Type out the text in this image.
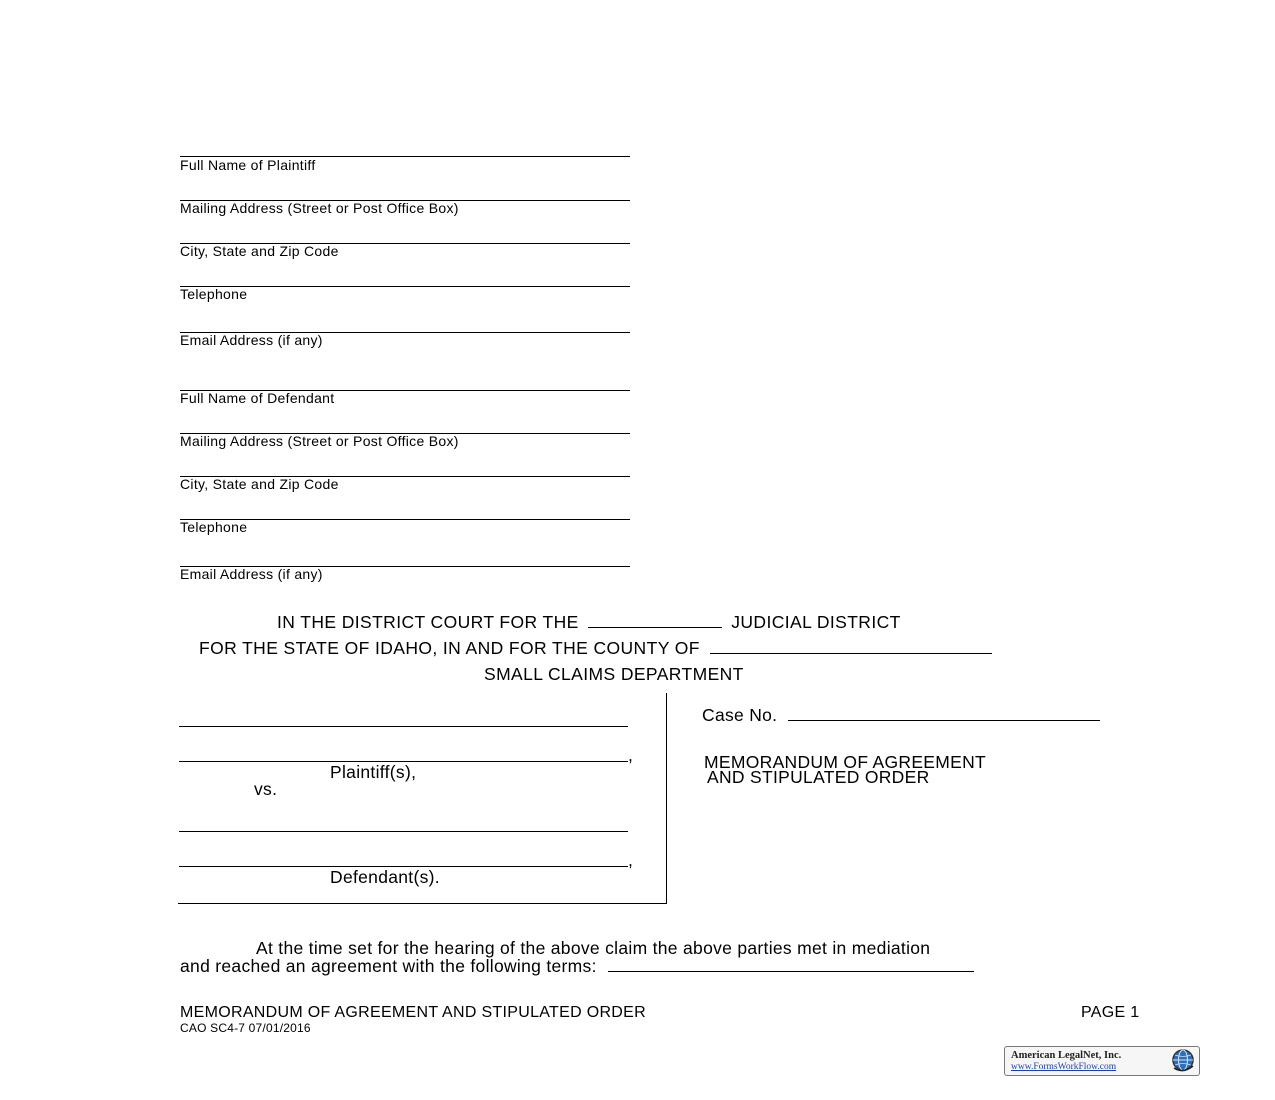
Full Name of Plaintiff
Mailing Address (Street or Post Office Box)
City, State and Zip Code
Telephone
Email Address (if any)
Full Name of Defendant
Mailing Address (Street or Post Office Box)
City, State and Zip Code
Telephone
Email Address (if any)
IN THE DISTRICT COURT FOR THE	JUDICIAL DISTRICT
FOR THE STATE OF IDAHO, IN AND FOR THE COUNTY OF
SMALL CLAIMS DEPARTMENT
,
Plaintiff(s),
vs.
,
Defendant(s).
Case No.
MEMORANDUM OF AGREEMENT
AND STIPULATED ORDER
At the time set for the hearing of the above claim the above parties met in mediation
and reached an agreement with the following terms:
MEMORANDUM OF AGREEMENT AND STIPULATED ORDER	PAGE 1
CAO SC4-7 07/01/2016
American LegalNet, Inc.
www.FormsWorkFlow.com
